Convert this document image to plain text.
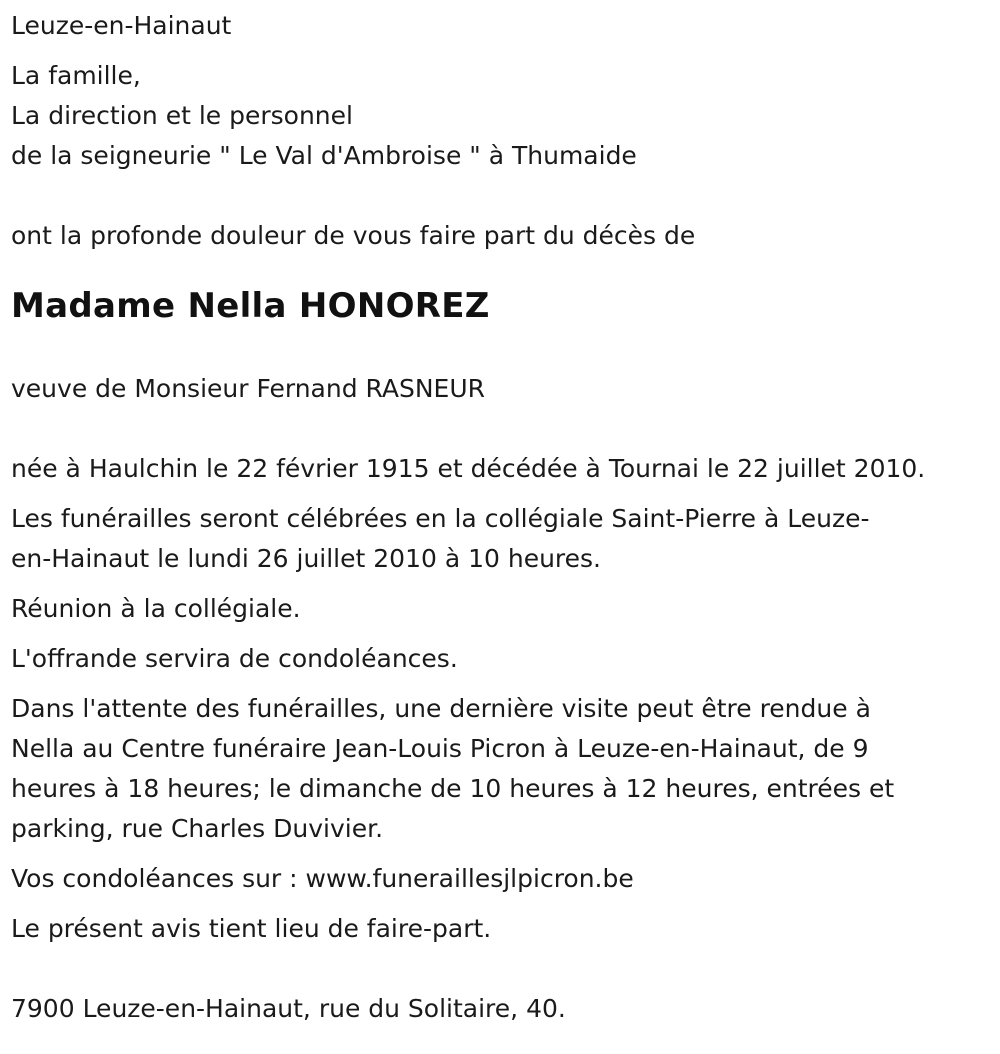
Leuze-en-Hainaut

La famille,

La direction et le personnel

de la seigneurie " Le Val d'Ambroise " à Thumaide

ont la profonde douleur de vous faire part du décès de

Madame Nella HONOREZ

veuve de Monsieur Fernand RASNEUR

née à Haulchin le 22 février 1915 et décédée à Tournai le 22 juillet 2010.

Les funérailles seront célébrées en la collégiale Saint-Pierre à Leuze-

en-Hainaut le lundi 26 juillet 2010 à 10 heures.

Réunion à la collégiale.

L'offrande servira de condoléances.

Dans l'attente des funérailles, une dernière visite peut être rendue à

Nella au Centre funéraire Jean-Louis Picron à Leuze-en-Hainaut, de 9

heures à 18 heures; le dimanche de 10 heures à 12 heures, entrées et

parking, rue Charles Duvivier.

Vos condoléances sur : www.funeraillesjlpicron.be

Le présent avis tient lieu de faire-part.

7900 Leuze-en-Hainaut, rue du Solitaire, 40.
